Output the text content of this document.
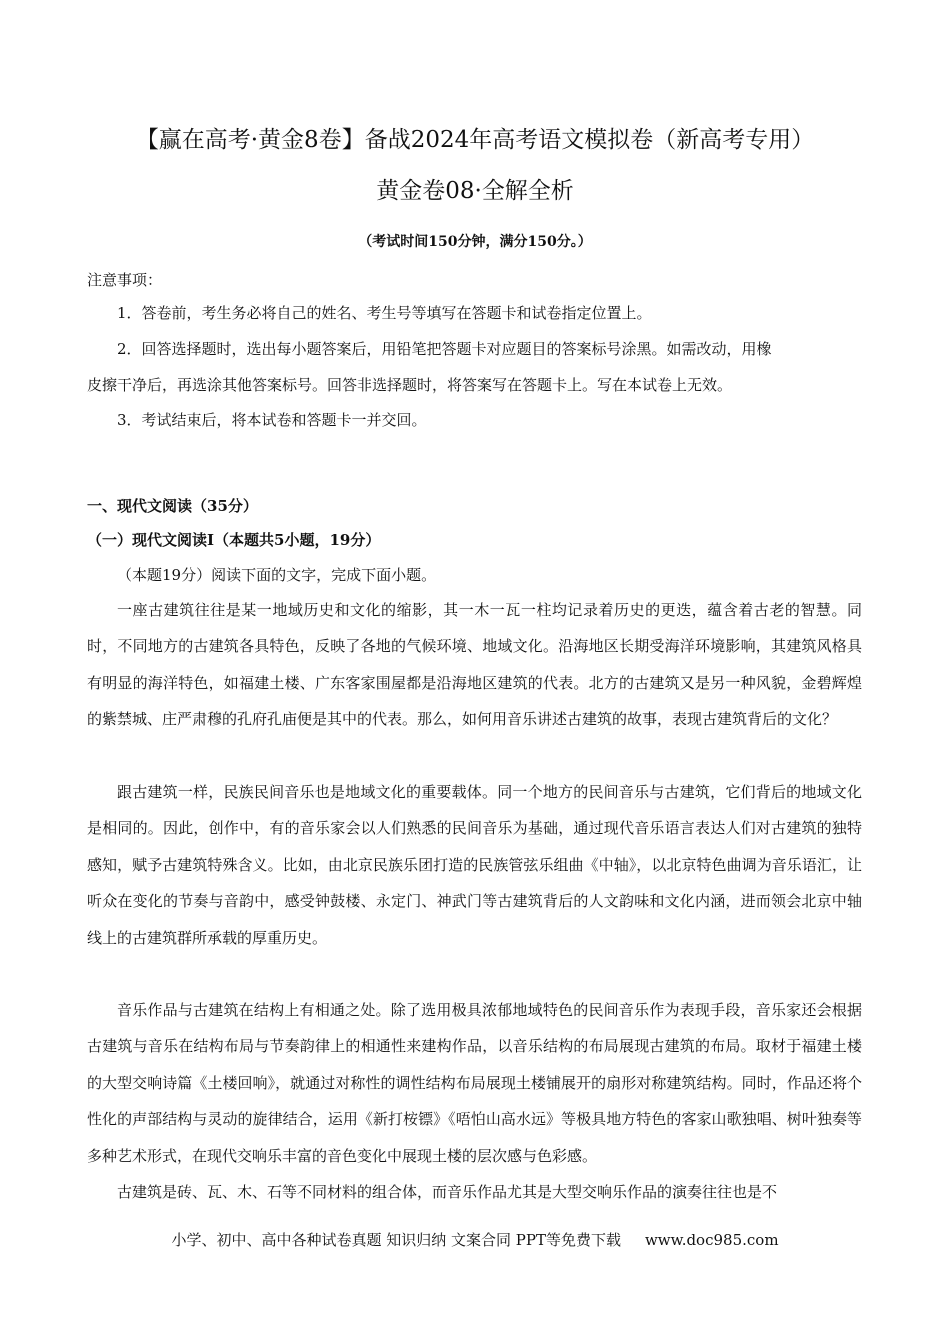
【赢在高考·黄金8卷】备战2024年高考语文模拟卷（新高考专用）
黄金卷08·全解全析
（考试时间150分钟，满分150分。）
注意事项：
1．答卷前，考生务必将自己的姓名、考生号等填写在答题卡和试卷指定位置上。
2．回答选择题时，选出每小题答案后，用铅笔把答题卡对应题目的答案标号涂黑。如需改动，用橡
皮擦干净后，再选涂其他答案标号。回答非选择题时，将答案写在答题卡上。写在本试卷上无效。
3．考试结束后，将本试卷和答题卡一并交回。
一、现代文阅读（35分）
（一）现代文阅读Ⅰ（本题共5小题，19分）
（本题19分）阅读下面的文字，完成下面小题。

一座古建筑往往是某一地域历史和文化的缩影，其一木一瓦一柱均记录着历史的更迭，蕴含着古老的智慧。同时，不同地方的古建筑各具特色，反映了各地的气候环境、地域文化。沿海地区长期受海洋环境影响，其建筑风格具有明显的海洋特色，如福建土楼、广东客家围屋都是沿海地区建筑的代表。北方的古建筑又是另一种风貌，金碧辉煌的紫禁城、庄严肃穆的孔府孔庙便是其中的代表。那么，如何用音乐讲述古建筑的故事，表现古建筑背后的文化？

跟古建筑一样，民族民间音乐也是地域文化的重要载体。同一个地方的民间音乐与古建筑，它们背后的地域文化是相同的。因此，创作中，有的音乐家会以人们熟悉的民间音乐为基础，通过现代音乐语言表达人们对古建筑的独特感知，赋予古建筑特殊含义。比如，由北京民族乐团打造的民族管弦乐组曲《中轴》，以北京特色曲调为音乐语汇，让听众在变化的节奏与音韵中，感受钟鼓楼、永定门、神武门等古建筑背后的人文韵味和文化内涵，进而领会北京中轴线上的古建筑群所承载的厚重历史。

音乐作品与古建筑在结构上有相通之处。除了选用极具浓郁地域特色的民间音乐作为表现手段，音乐家还会根据古建筑与音乐在结构布局与节奏韵律上的相通性来建构作品，以音乐结构的布局展现古建筑的布局。取材于福建土楼的大型交响诗篇《土楼回响》，就通过对称性的调性结构布局展现土楼铺展开的扇形对称建筑结构。同时，作品还将个性化的声部结构与灵动的旋律结合，运用《新打桉镖》《唔怕山高水远》等极具地方特色的客家山歌独唱、树叶独奏等多种艺术形式，在现代交响乐丰富的音色变化中展现土楼的层次感与色彩感。

古建筑是砖、瓦、木、石等不同材料的组合体，而音乐作品尤其是大型交响乐作品的演奏往往也是不

小学、初中、高中各种试卷真题 知识归纳 文案合同 PPT等免费下载 www.doc985.com
